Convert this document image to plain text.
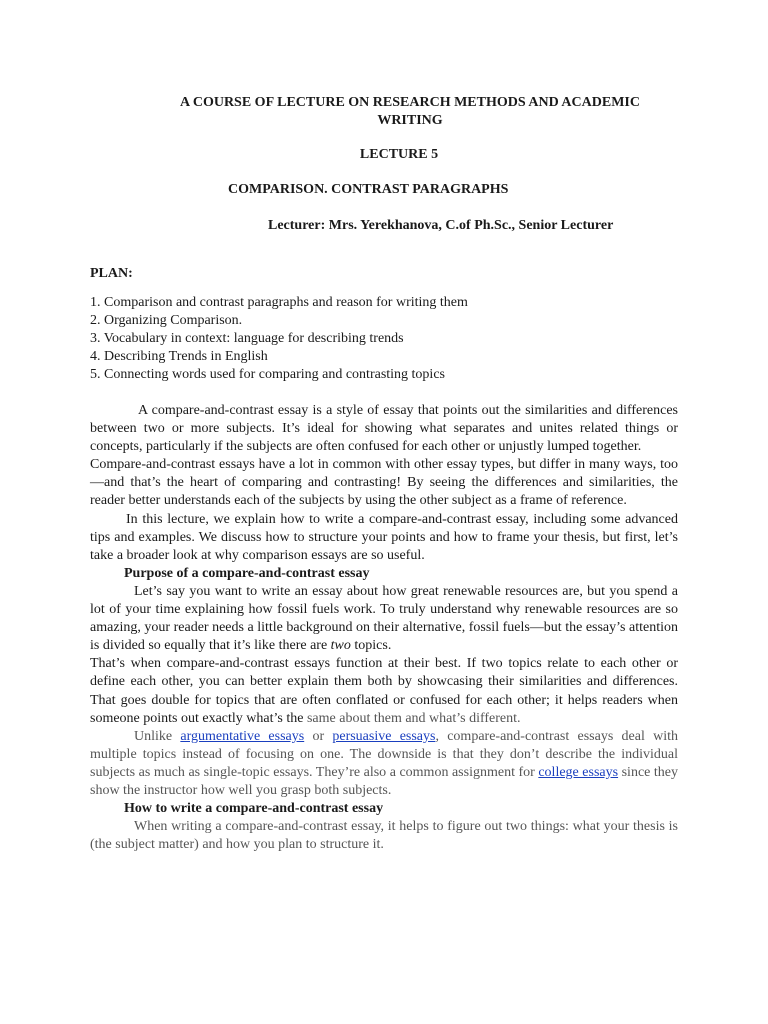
A COURSE OF LECTURE ON RESEARCH METHODS AND ACADEMIC WRITING
LECTURE 5
COMPARISON. CONTRAST PARAGRAPHS
Lecturer: Mrs. Yerekhanova, C.of Ph.Sc., Senior Lecturer
PLAN:
1. Comparison and contrast paragraphs and reason for writing them
2. Organizing Comparison.
3. Vocabulary in context: language for describing trends
4. Describing Trends in English
5. Connecting words used for comparing and contrasting topics

A compare-and-contrast essay is a style of essay that points out the similarities and differences between two or more subjects. It’s ideal for showing what separates and unites related things or concepts, particularly if the subjects are often confused for each other or unjustly lumped together.

Compare-and-contrast essays have a lot in common with other essay types, but differ in many ways, too—and that’s the heart of comparing and contrasting! By seeing the differences and similarities, the reader better understands each of the subjects by using the other subject as a frame of reference.

In this lecture, we explain how to write a compare-and-contrast essay, including some advanced tips and examples. We discuss how to structure your points and how to frame your thesis, but first, let’s take a broader look at why comparison essays are so useful.

Purpose of a compare-and-contrast essay

Let’s say you want to write an essay about how great renewable resources are, but you spend a lot of your time explaining how fossil fuels work. To truly understand why renewable resources are so amazing, your reader needs a little background on their alternative, fossil fuels—but the essay’s attention is divided so equally that it’s like there are two topics.

That’s when compare-and-contrast essays function at their best. If two topics relate to each other or define each other, you can better explain them both by showcasing their similarities and differences. That goes double for topics that are often conflated or confused for each other; it helps readers when someone points out exactly what’s the same about them and what’s different.

Unlike argumentative essays or persuasive essays, compare-and-contrast essays deal with multiple topics instead of focusing on one. The downside is that they don’t describe the individual subjects as much as single-topic essays. They’re also a common assignment for college essays since they show the instructor how well you grasp both subjects.

How to write a compare-and-contrast essay

When writing a compare-and-contrast essay, it helps to figure out two things: what your thesis is (the subject matter) and how you plan to structure it.
